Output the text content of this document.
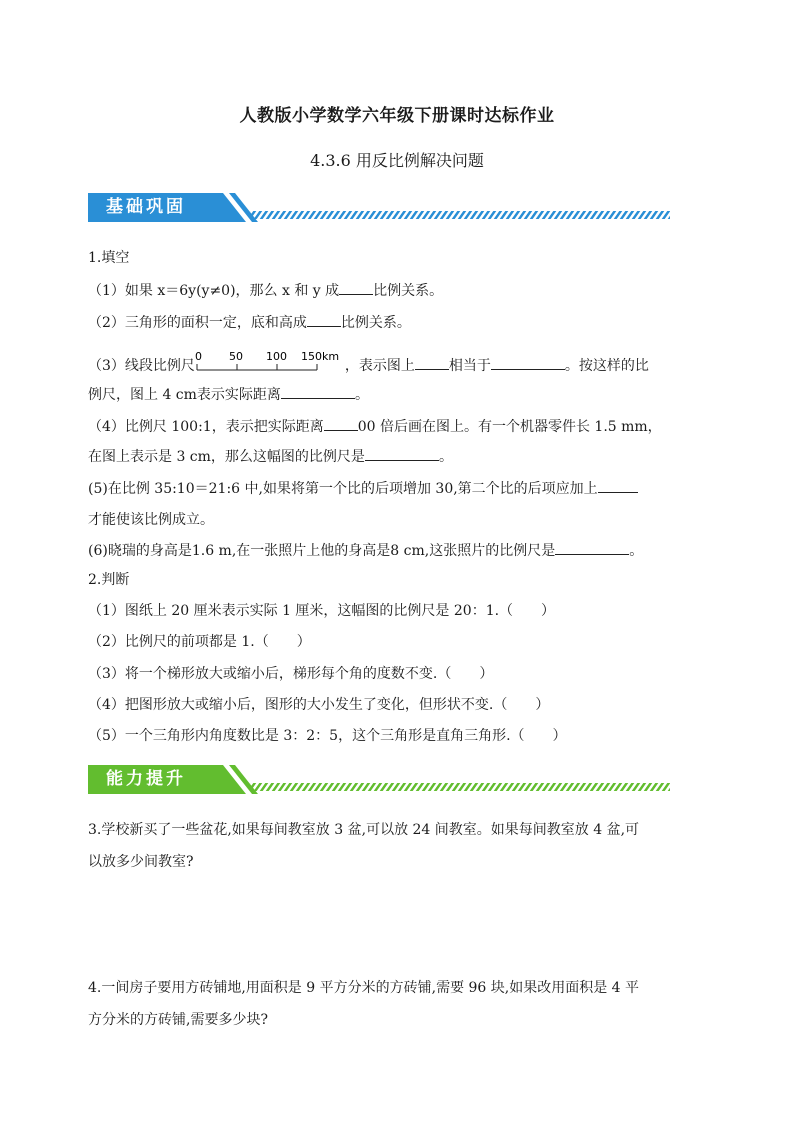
人教版小学数学六年级下册课时达标作业
4.3.6 用反比例解决问题
基础巩固
1.填空
（1）如果 x＝6y(y≠0)，那么 x 和 y 成 比例关系。
（2）三角形的面积一定，底和高成 比例关系。
（3）线段比例尺
0 50 100 150 km
，表示图上 相当于	。按这样的比
例尺，图上 4 cm表示实际距离	。
（4）比例尺 100:1，表示把实际距离 00 倍后画在图上。有一个机器零件长 1.5 mm，
在图上表示是 3 cm，那么这幅图的比例尺是	。
(5)在比例 35:10＝21:6 中,如果将第一个比的后项增加 30,第二个比的后项应加上
才能使该比例成立。
(6)晓瑞的身高是1.6 m,在一张照片上他的身高是8 cm,这张照片的比例尺是	。
2.判断
（1）图纸上 20 厘米表示实际 1 厘米，这幅图的比例尺是 20：1.（　　）
（2）比例尺的前项都是 1.（　　）
（3）将一个梯形放大或缩小后，梯形每个角的度数不变.（　　）
（4）把图形放大或缩小后，图形的大小发生了变化，但形状不变.（　　）
（5）一个三角形内角度数比是 3：2：5，这个三角形是直角三角形.（　　）
能力提升
3.学校新买了一些盆花,如果每间教室放 3 盆,可以放 24 间教室。如果每间教室放 4 盆,可
以放多少间教室?
4.一间房子要用方砖铺地,用面积是 9 平方分米的方砖铺,需要 96 块,如果改用面积是 4 平
方分米的方砖铺,需要多少块?
